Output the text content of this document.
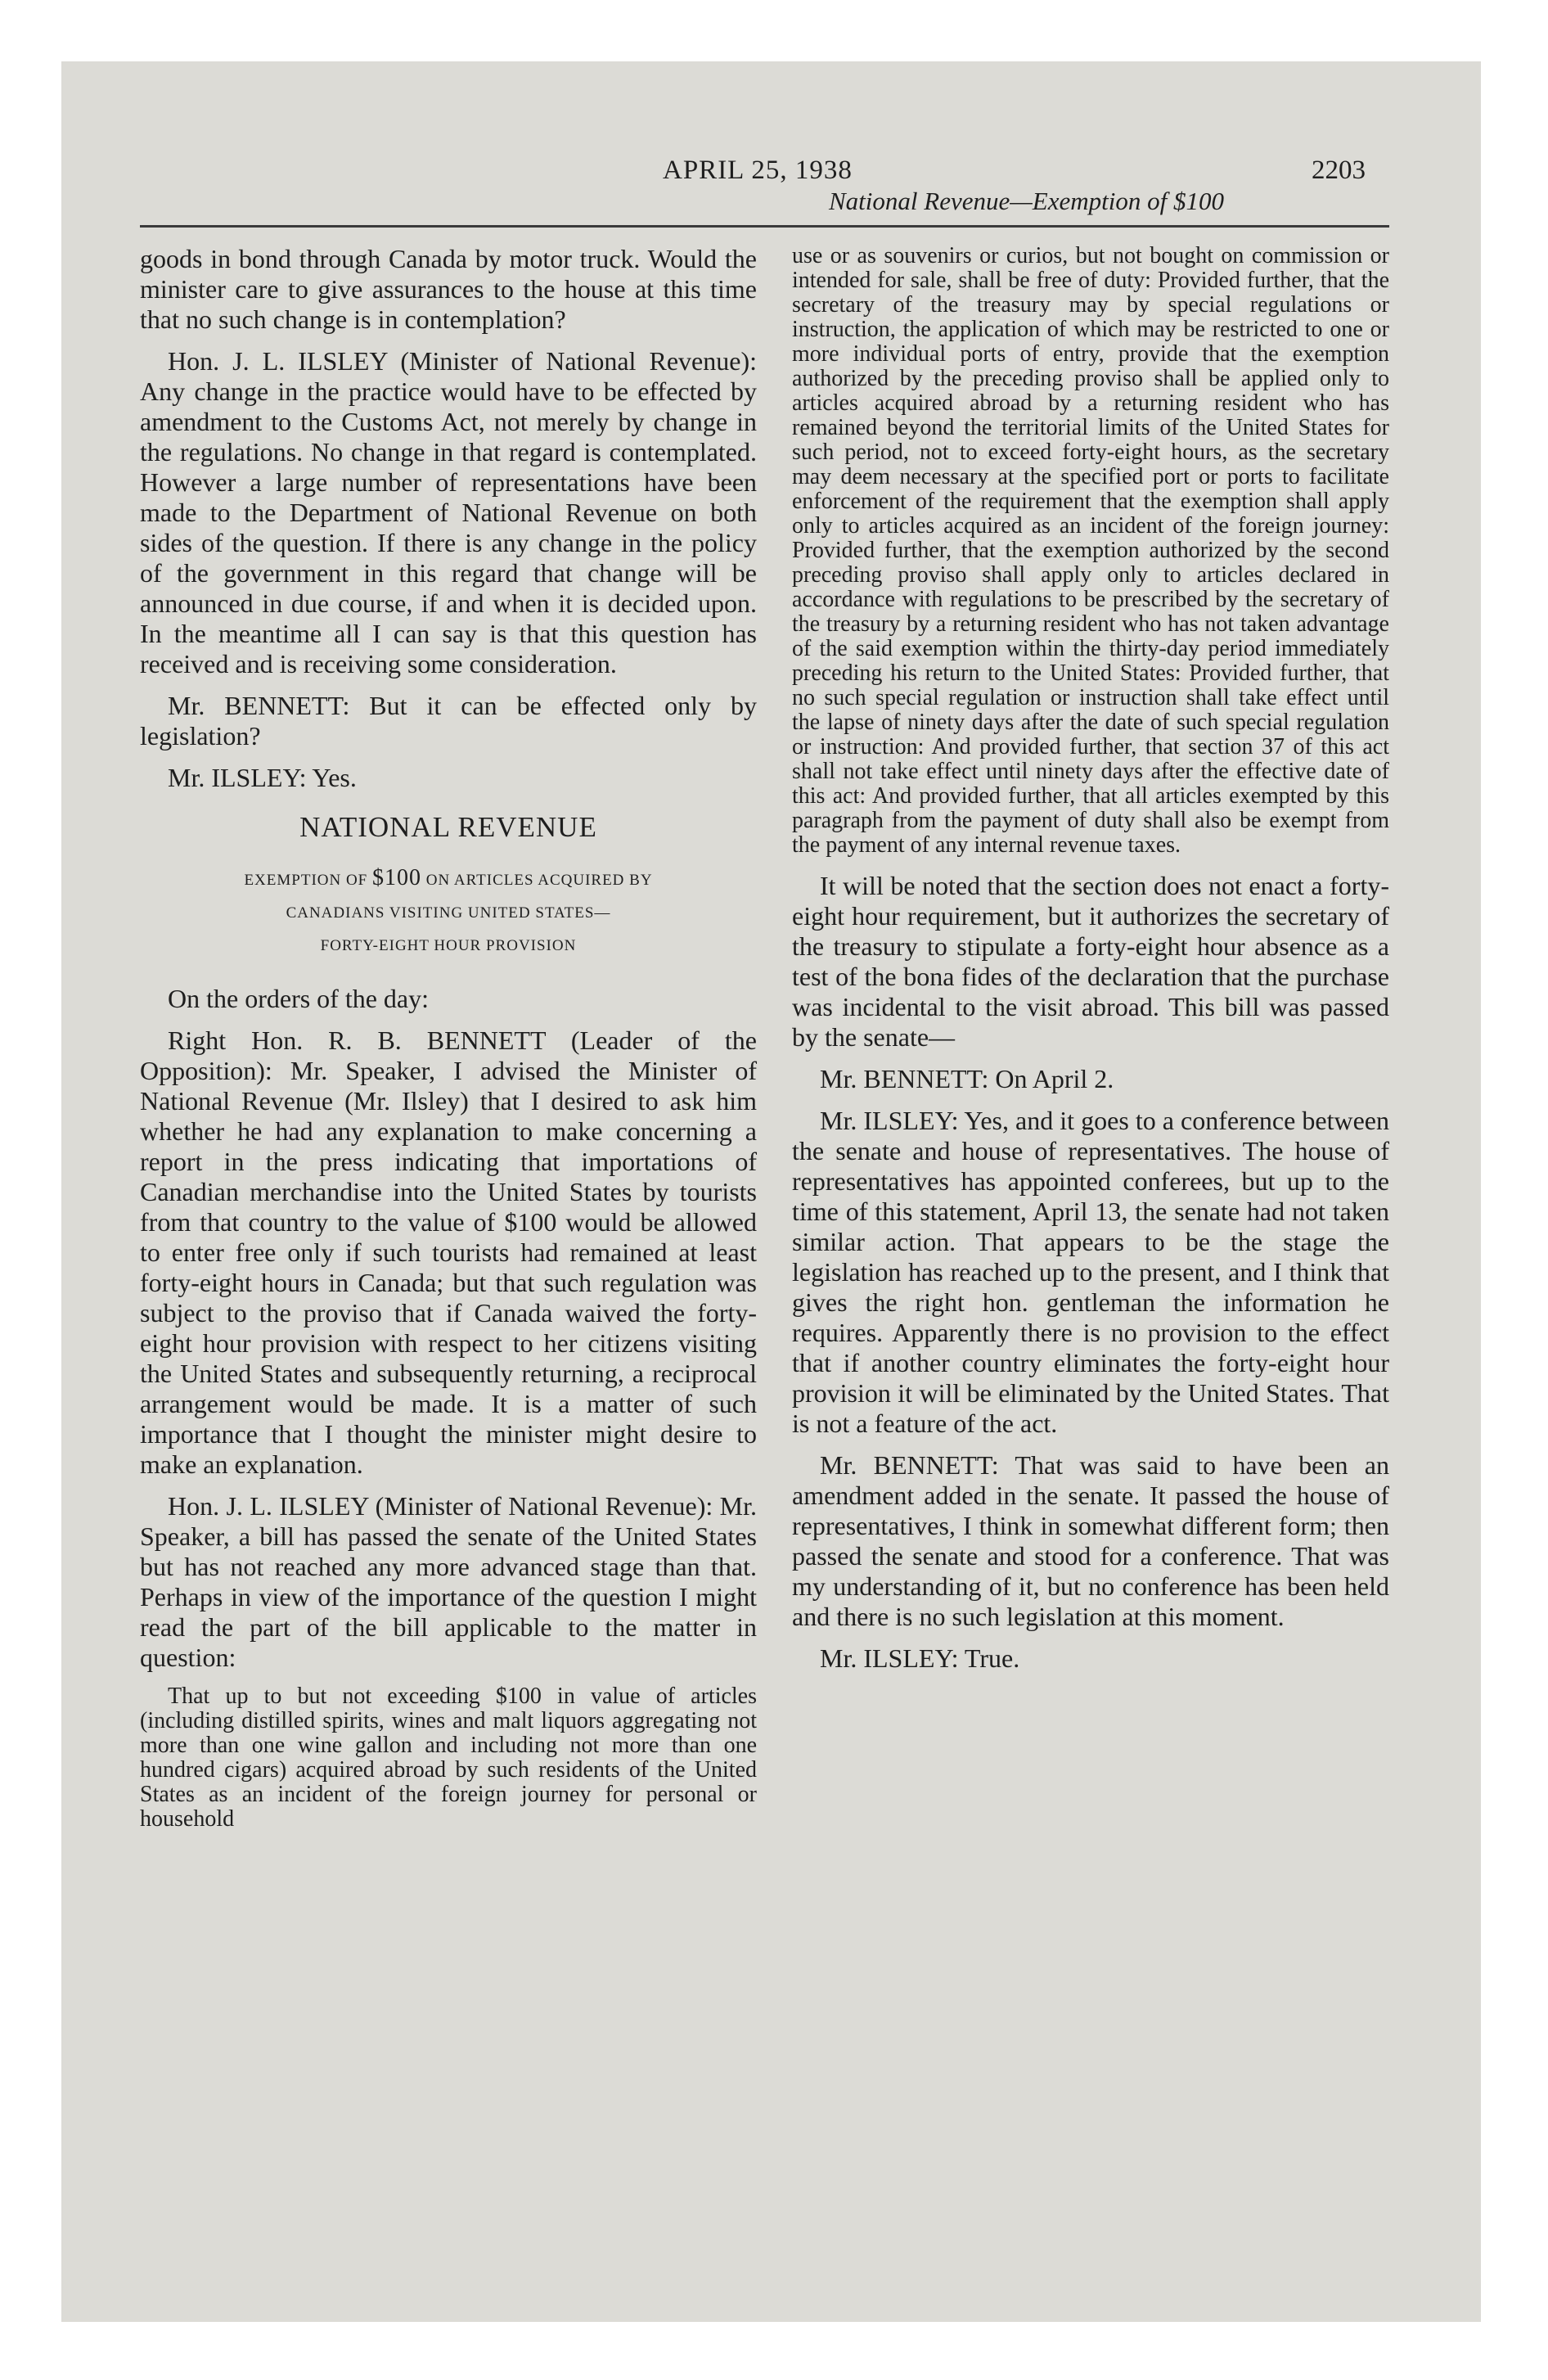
APRIL 25, 1938	2203
National Revenue—Exemption of $100

goods in bond through Canada by motor truck. Would the minister care to give assurances to the house at this time that no such change is in contemplation?

Hon. J. L. ILSLEY (Minister of National Revenue): Any change in the practice would have to be effected by amendment to the Customs Act, not merely by change in the regulations. No change in that regard is contemplated. However a large number of representations have been made to the Department of National Revenue on both sides of the question. If there is any change in the policy of the government in this regard that change will be announced in due course, if and when it is decided upon. In the meantime all I can say is that this question has received and is receiving some consideration.

Mr. BENNETT: But it can be effected only by legislation?

Mr. ILSLEY: Yes.

NATIONAL REVENUE
EXEMPTION OF $100 ON ARTICLES ACQUIRED BY
CANADIANS VISITING UNITED STATES—
FORTY-EIGHT HOUR PROVISION

On the orders of the day:

Right Hon. R. B. BENNETT (Leader of the Opposition): Mr. Speaker, I advised the Minister of National Revenue (Mr. Ilsley) that I desired to ask him whether he had any explanation to make concerning a report in the press indicating that importations of Canadian merchandise into the United States by tourists from that country to the value of $100 would be allowed to enter free only if such tourists had remained at least forty-eight hours in Canada; but that such regulation was subject to the proviso that if Canada waived the forty-eight hour provision with respect to her citizens visiting the United States and subsequently returning, a reciprocal arrangement would be made. It is a matter of such importance that I thought the minister might desire to make an explanation.

Hon. J. L. ILSLEY (Minister of National Revenue): Mr. Speaker, a bill has passed the senate of the United States but has not reached any more advanced stage than that. Perhaps in view of the importance of the question I might read the part of the bill applicable to the matter in question:

That up to but not exceeding $100 in value of articles (including distilled spirits, wines and malt liquors aggregating not more than one wine gallon and including not more than one hundred cigars) acquired abroad by such residents of the United States as an incident of the foreign journey for personal or household

use or as souvenirs or curios, but not bought on commission or intended for sale, shall be free of duty: Provided further, that the secretary of the treasury may by special regulations or instruction, the application of which may be restricted to one or more individual ports of entry, provide that the exemption authorized by the preceding proviso shall be applied only to articles acquired abroad by a returning resident who has remained beyond the territorial limits of the United States for such period, not to exceed forty-eight hours, as the secretary may deem necessary at the specified port or ports to facilitate enforcement of the requirement that the exemption shall apply only to articles acquired as an incident of the foreign journey: Provided further, that the exemption authorized by the second preceding proviso shall apply only to articles declared in accordance with regulations to be prescribed by the secretary of the treasury by a returning resident who has not taken advantage of the said exemption within the thirty-day period immediately preceding his return to the United States: Provided further, that no such special regulation or instruction shall take effect until the lapse of ninety days after the date of such special regulation or instruction: And provided further, that section 37 of this act shall not take effect until ninety days after the effective date of this act: And provided further, that all articles exempted by this paragraph from the payment of duty shall also be exempt from the payment of any internal revenue taxes.

It will be noted that the section does not enact a forty-eight hour requirement, but it authorizes the secretary of the treasury to stipulate a forty-eight hour absence as a test of the bona fides of the declaration that the purchase was incidental to the visit abroad. This bill was passed by the senate—

Mr. BENNETT: On April 2.

Mr. ILSLEY: Yes, and it goes to a conference between the senate and house of representatives. The house of representatives has appointed conferees, but up to the time of this statement, April 13, the senate had not taken similar action. That appears to be the stage the legislation has reached up to the present, and I think that gives the right hon. gentleman the information he requires. Apparently there is no provision to the effect that if another country eliminates the forty-eight hour provision it will be eliminated by the United States. That is not a feature of the act.

Mr. BENNETT: That was said to have been an amendment added in the senate. It passed the house of representatives, I think in somewhat different form; then passed the senate and stood for a conference. That was my understanding of it, but no conference has been held and there is no such legislation at this moment.

Mr. ILSLEY: True.
